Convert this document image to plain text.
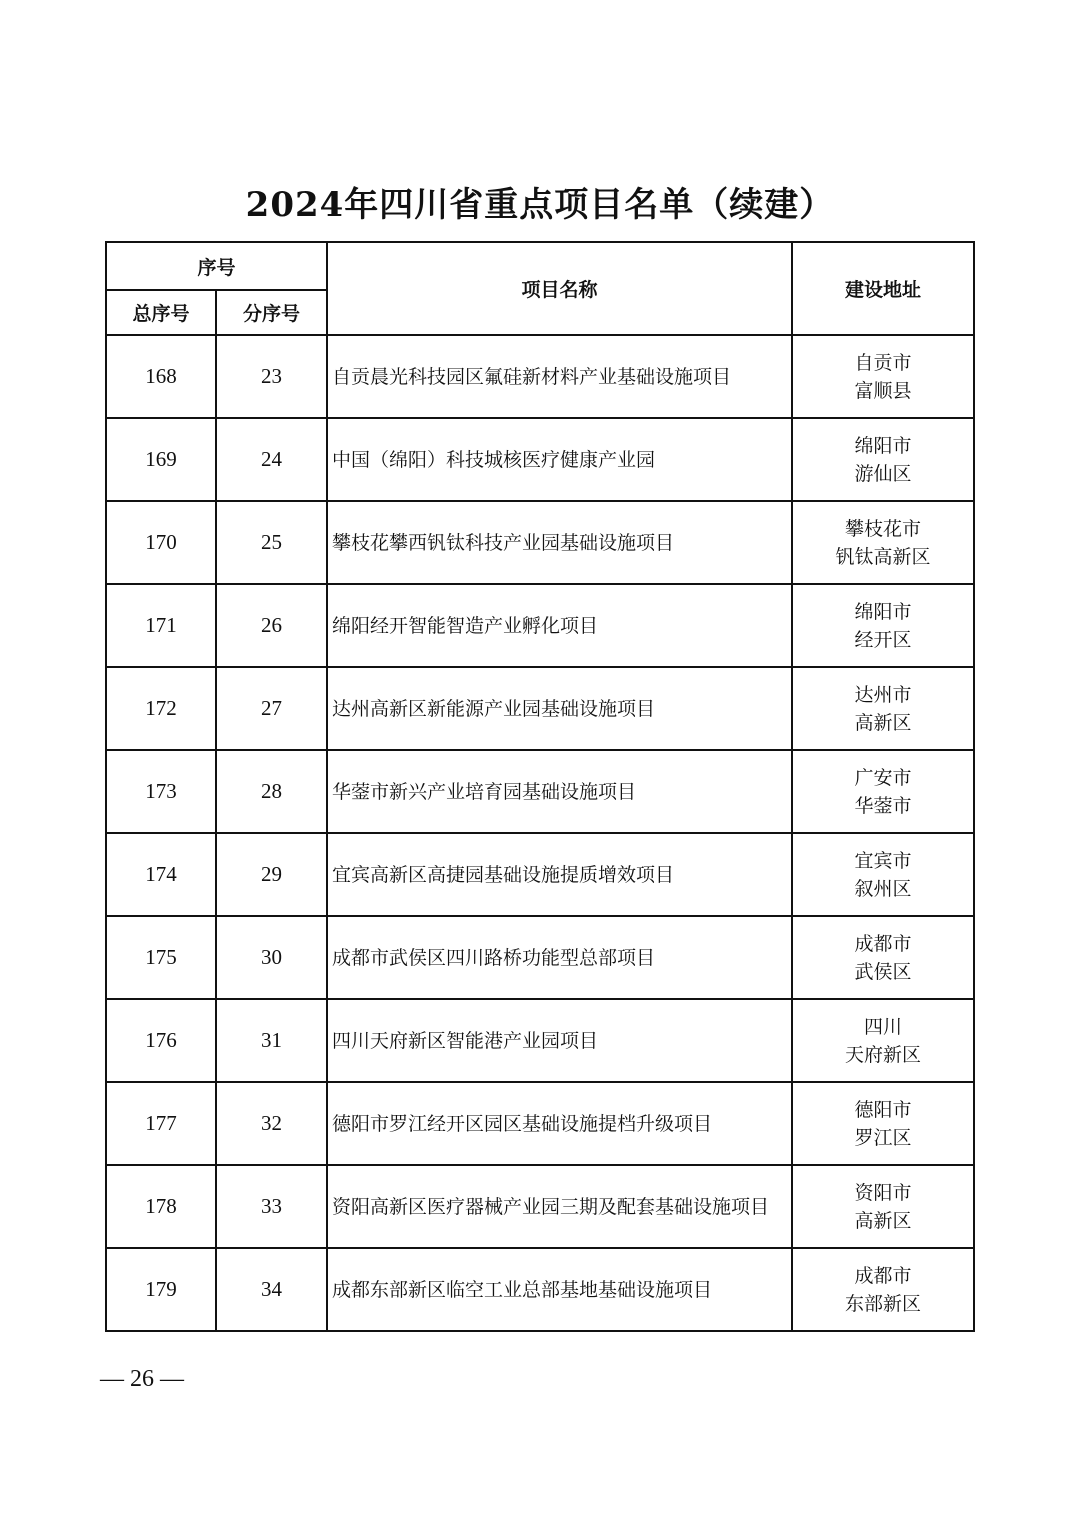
2024年四川省重点项目名单（续建）
序号		项目名称	建设地址
总序号	分序号		
168	23	自贡晨光科技园区氟硅新材料产业基础设施项目	自贡市
富顺县

169	24	中国（绵阳）科技城核医疗健康产业园	绵阳市
游仙区

170	25	攀枝花攀西钒钛科技产业园基础设施项目	攀枝花市
钒钛高新区

171	26	绵阳经开智能智造产业孵化项目	绵阳市
经开区

172	27	达州高新区新能源产业园基础设施项目	达州市
高新区

173	28	华蓥市新兴产业培育园基础设施项目	广安市
华蓥市

174	29	宜宾高新区高捷园基础设施提质增效项目	宜宾市
叙州区

175	30	成都市武侯区四川路桥功能型总部项目	成都市
武侯区

176	31	四川天府新区智能港产业园项目	四川
天府新区

177	32	德阳市罗江经开区园区基础设施提档升级项目	德阳市
罗江区

178	33	资阳高新区医疗器械产业园三期及配套基础设施项目	资阳市
高新区

179	34	成都东部新区临空工业总部基地基础设施项目	成都市
东部新区
— 26 —
